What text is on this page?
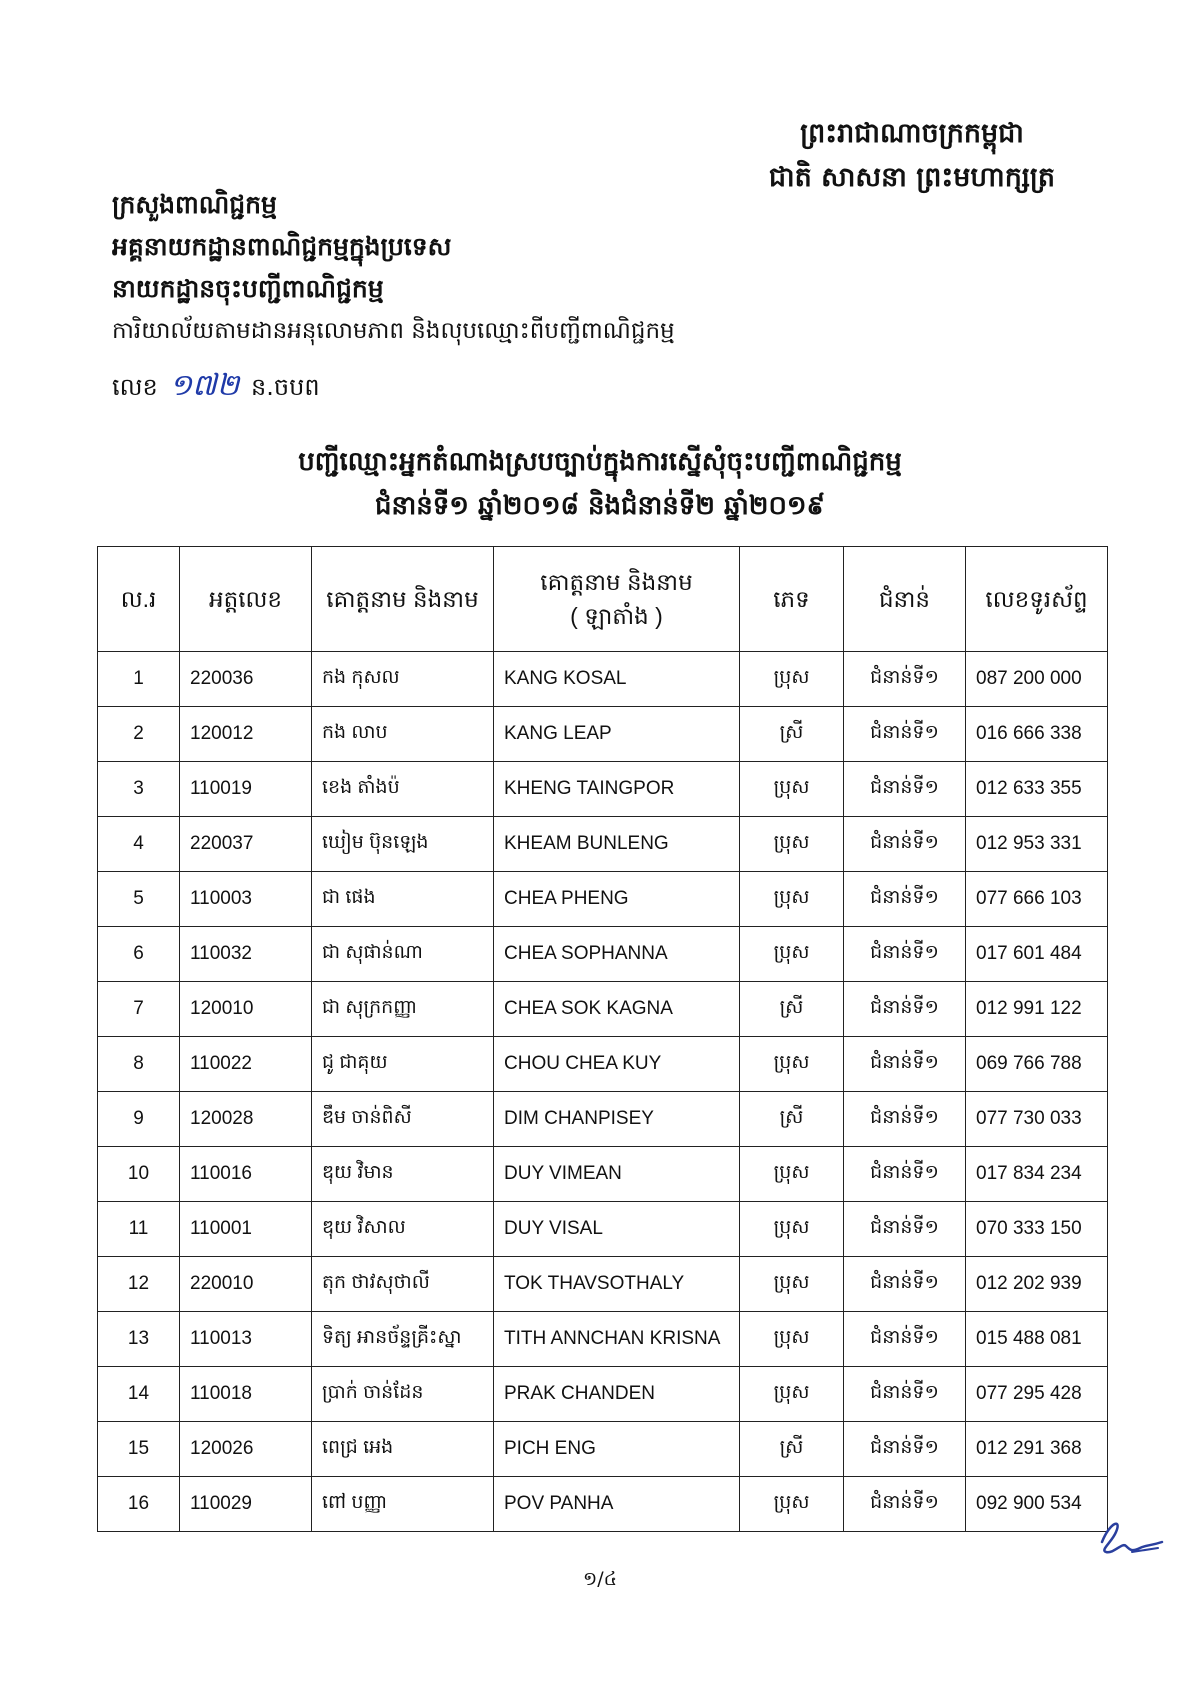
ព្រះរាជាណាចក្រកម្ពុជា
ជាតិ សាសនា ព្រះមហាក្សត្រ
ក្រសួងពាណិជ្ជកម្ម
អគ្គនាយកដ្ឋានពាណិជ្ជកម្មក្នុងប្រទេស
នាយកដ្ឋានចុះបញ្ជីពាណិជ្ជកម្ម
ការិយាល័យតាមដានអនុលោមភាព និងលុបឈ្មោះពីបញ្ជីពាណិជ្ជកម្ម
លេខ ១៧២ ន.ចបព
បញ្ជីឈ្មោះអ្នកតំណាងស្របច្បាប់ក្នុងការស្នើសុំចុះបញ្ជីពាណិជ្ជកម្ម
ជំនាន់ទី១ ឆ្នាំ២០១៨ និងជំនាន់ទី២ ឆ្នាំ២០១៩
ល.រ	អត្តលេខ	គោត្តនាម និងនាម	គោត្តនាម និងនាម
( ឡាតាំង )	ភេទ	ជំនាន់	លេខទូរស័ព្ទ
1	220036	កង កុសល	KANG KOSAL	ប្រុស	ជំនាន់ទី១	087 200 000
2	120012	កង លាប	KANG LEAP	ស្រី	ជំនាន់ទី១	016 666 338
3	110019	ខេង តាំងប៉	KHENG TAINGPOR	ប្រុស	ជំនាន់ទី១	012 633 355
4	220037	ឃៀម ប៊ុនឡេង	KHEAM BUNLENG	ប្រុស	ជំនាន់ទី១	012 953 331
5	110003	ជា ផេង	CHEA PHENG	ប្រុស	ជំនាន់ទី១	077 666 103
6	110032	ជា សុផាន់ណា	CHEA SOPHANNA	ប្រុស	ជំនាន់ទី១	017 601 484
7	120010	ជា សុក្រកញ្ញា	CHEA SOK KAGNA	ស្រី	ជំនាន់ទី១	012 991 122
8	110022	ជូ ជាគុយ	CHOU CHEA KUY	ប្រុស	ជំនាន់ទី១	069 766 788
9	120028	ឌឹម ចាន់ពិសី	DIM CHANPISEY	ស្រី	ជំនាន់ទី១	077 730 033
10	110016	ឌុយ វិមាន	DUY VIMEAN	ប្រុស	ជំនាន់ទី១	017 834 234
11	110001	ឌុយ វិសាល	DUY VISAL	ប្រុស	ជំនាន់ទី១	070 333 150
12	220010	តុក ថាវសុថាលី	TOK THAVSOTHALY	ប្រុស	ជំនាន់ទី១	012 202 939
13	110013	ទិត្យ អានច័ន្ទគ្រីះស្នា	TITH ANNCHAN KRISNA	ប្រុស	ជំនាន់ទី១	015 488 081
14	110018	ប្រាក់ ចាន់ដែន	PRAK CHANDEN	ប្រុស	ជំនាន់ទី១	077 295 428
15	120026	ពេជ្រ អេង	PICH ENG	ស្រី	ជំនាន់ទី១	012 291 368
16	110029	ពៅ បញ្ញា	POV PANHA	ប្រុស	ជំនាន់ទី១	092 900 534
១/៤
